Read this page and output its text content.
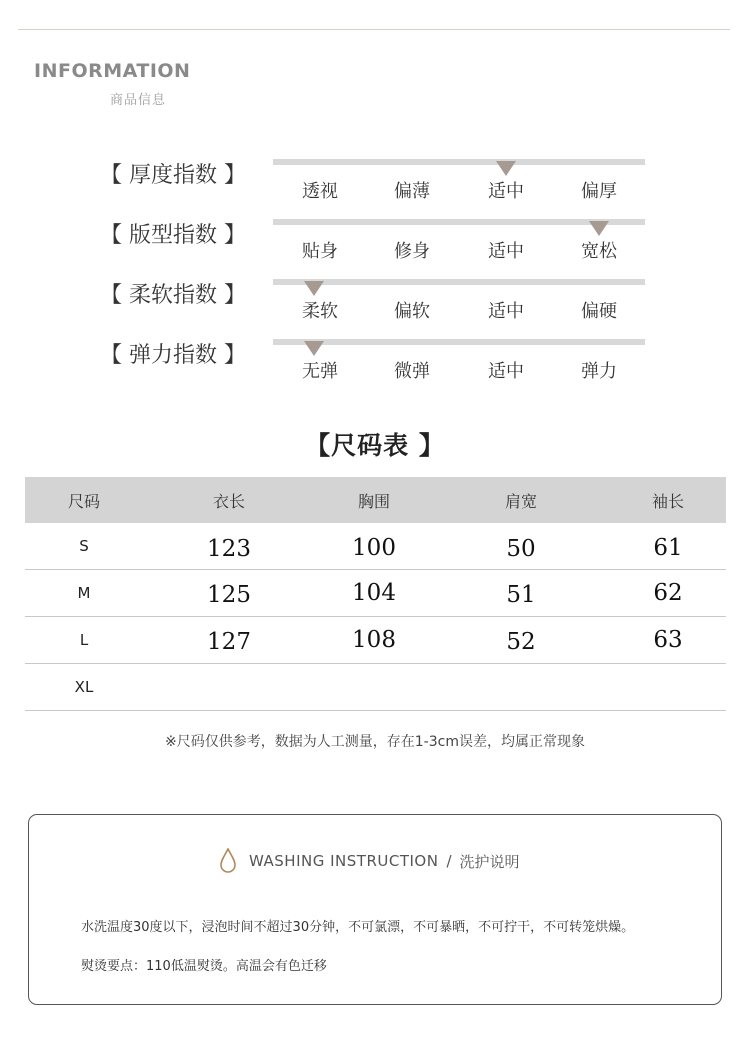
INFORMATION
商品信息
【 厚度指数 】
透视	偏薄	适中	偏厚
【 版型指数 】
贴身	修身	适中	宽松
【 柔软指数 】
柔软	偏软	适中	偏硬
【 弹力指数 】
无弹	微弹	适中	弹力
【尺码表 】
尺码	衣长	胸围	肩宽	袖长
S	123	100	50	61
M	125	104	51	62
L	127	108	52	63
XL
※尺码仅供参考，数据为人工测量，存在1-3cm误差，均属正常现象
WASHING INSTRUCTION / 洗护说明
水洗温度30度以下，浸泡时间不超过30分钟，不可氯漂，不可暴晒，不可拧干，不可转笼烘燥。
熨烫要点：110低温熨烫。高温会有色迁移
